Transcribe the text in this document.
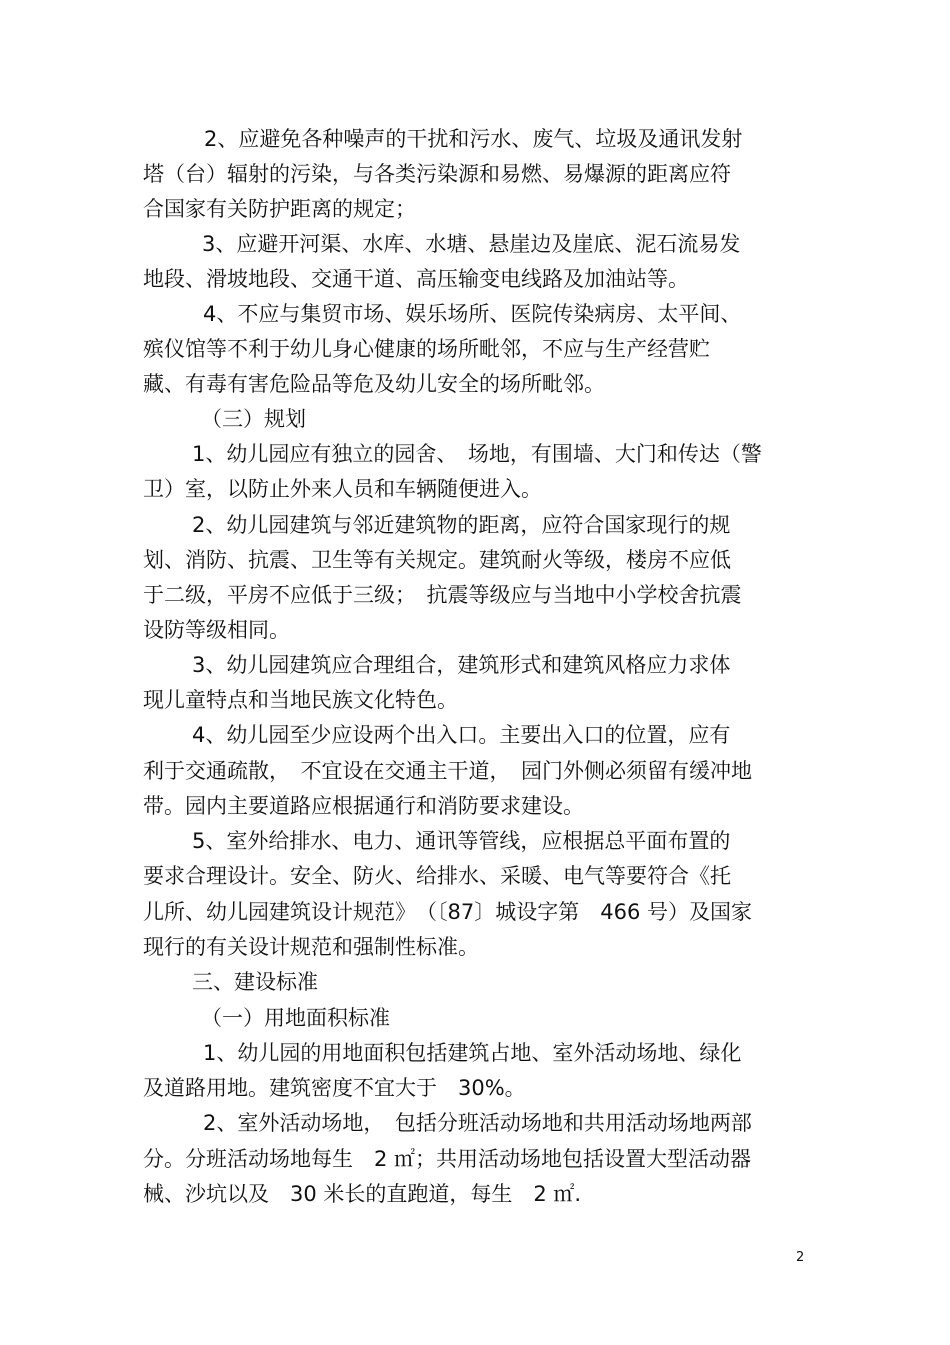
2、应避免各种噪声的干扰和污水、废气、垃圾及通讯发射
塔（台）辐射的污染，与各类污染源和易燃、易爆源的距离应符
合国家有关防护距离的规定；
3、应避开河渠、水库、水塘、悬崖边及崖底、泥石流易发
地段、滑坡地段、交通干道、高压输变电线路及加油站等。
4、不应与集贸市场、娱乐场所、医院传染病房、太平间、
殡仪馆等不利于幼儿身心健康的场所毗邻，不应与生产经营贮
藏、有毒有害危险品等危及幼儿安全的场所毗邻。
（三）规划
1、幼儿园应有独立的园舍、　场地，有围墙、大门和传达（警
卫）室，以防止外来人员和车辆随便进入。
2、幼儿园建筑与邻近建筑物的距离，应符合国家现行的规
划、消防、抗震、卫生等有关规定。建筑耐火等级，楼房不应低
于二级，平房不应低于三级；　抗震等级应与当地中小学校舍抗震
设防等级相同。
3、幼儿园建筑应合理组合，建筑形式和建筑风格应力求体
现儿童特点和当地民族文化特色。
4、幼儿园至少应设两个出入口。主要出入口的位置，应有
利于交通疏散，　不宜设在交通主干道，　园门外侧必须留有缓冲地
带。园内主要道路应根据通行和消防要求建设。
5、室外给排水、电力、通讯等管线，应根据总平面布置的
要求合理设计。安全、防火、给排水、采暖、电气等要符合《托
儿所、幼儿园建筑设计规范》　（〔87〕城设字第　466 号）及国家
现行的有关设计规范和强制性标准。
三、建设标准
（一）用地面积标准
1、幼儿园的用地面积包括建筑占地、室外活动场地、绿化
及道路用地。建筑密度不宜大于　30%。
2、室外活动场地，　包括分班活动场地和共用活动场地两部
分。分班活动场地每生　2 ㎡；共用活动场地包括设置大型活动器
械、沙坑以及　30 米长的直跑道，每生　2 ㎡.
2
